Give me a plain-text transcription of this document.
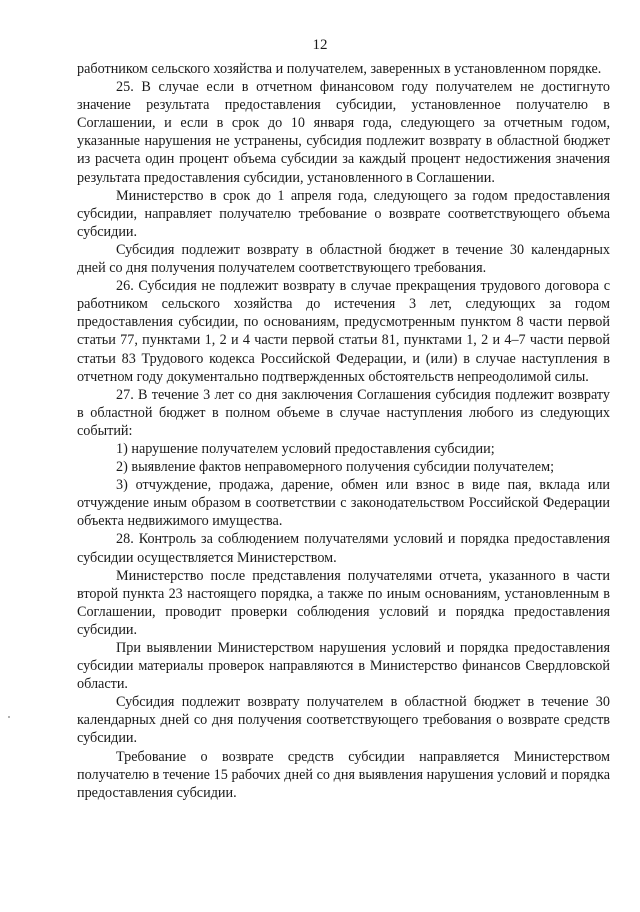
12

работником сельского хозяйства и получателем, заверенных в установленном порядке.

25. В случае если в отчетном финансовом году получателем не достигнуто значение результата предоставления субсидии, установленное получателю в Соглашении, и если в срок до 10 января года, следующего за отчетным годом, указанные нарушения не устранены, субсидия подлежит возврату в областной бюджет из расчета один процент объема субсидии за каждый процент недостижения значения результата предоставления субсидии, установленного в Соглашении.

Министерство в срок до 1 апреля года, следующего за годом предоставления субсидии, направляет получателю требование о возврате соответствующего объема субсидии.

Субсидия подлежит возврату в областной бюджет в течение 30 календарных дней со дня получения получателем соответствующего требования.

26. Субсидия не подлежит возврату в случае прекращения трудового договора с работником сельского хозяйства до истечения 3 лет, следующих за годом предоставления субсидии, по основаниям, предусмотренным пунктом 8 части первой статьи 77, пунктами 1, 2 и 4 части первой статьи 81, пунктами 1, 2 и 4–7 части первой статьи 83 Трудового кодекса Российской Федерации, и (или) в случае наступления в отчетном году документально подтвержденных обстоятельств непреодолимой силы.

27. В течение 3 лет со дня заключения Соглашения субсидия подлежит возврату в областной бюджет в полном объеме в случае наступления любого из следующих событий:

1) нарушение получателем условий предоставления субсидии;

2) выявление фактов неправомерного получения субсидии получателем;

3) отчуждение, продажа, дарение, обмен или взнос в виде пая, вклада или отчуждение иным образом в соответствии с законодательством Российской Федерации объекта недвижимого имущества.

28. Контроль за соблюдением получателями условий и порядка предоставления субсидии осуществляется Министерством.

Министерство после представления получателями отчета, указанного в части второй пункта 23 настоящего порядка, а также по иным основаниям, установленным в Соглашении, проводит проверки соблюдения условий и порядка предоставления субсидии.

При выявлении Министерством нарушения условий и порядка предоставления субсидии материалы проверок направляются в Министерство финансов Свердловской области.

Субсидия подлежит возврату получателем в областной бюджет в течение 30 календарных дней со дня получения соответствующего требования о возврате средств субсидии.

Требование о возврате средств субсидии направляется Министерством получателю в течение 15 рабочих дней со дня выявления нарушения условий и порядка предоставления субсидии.
